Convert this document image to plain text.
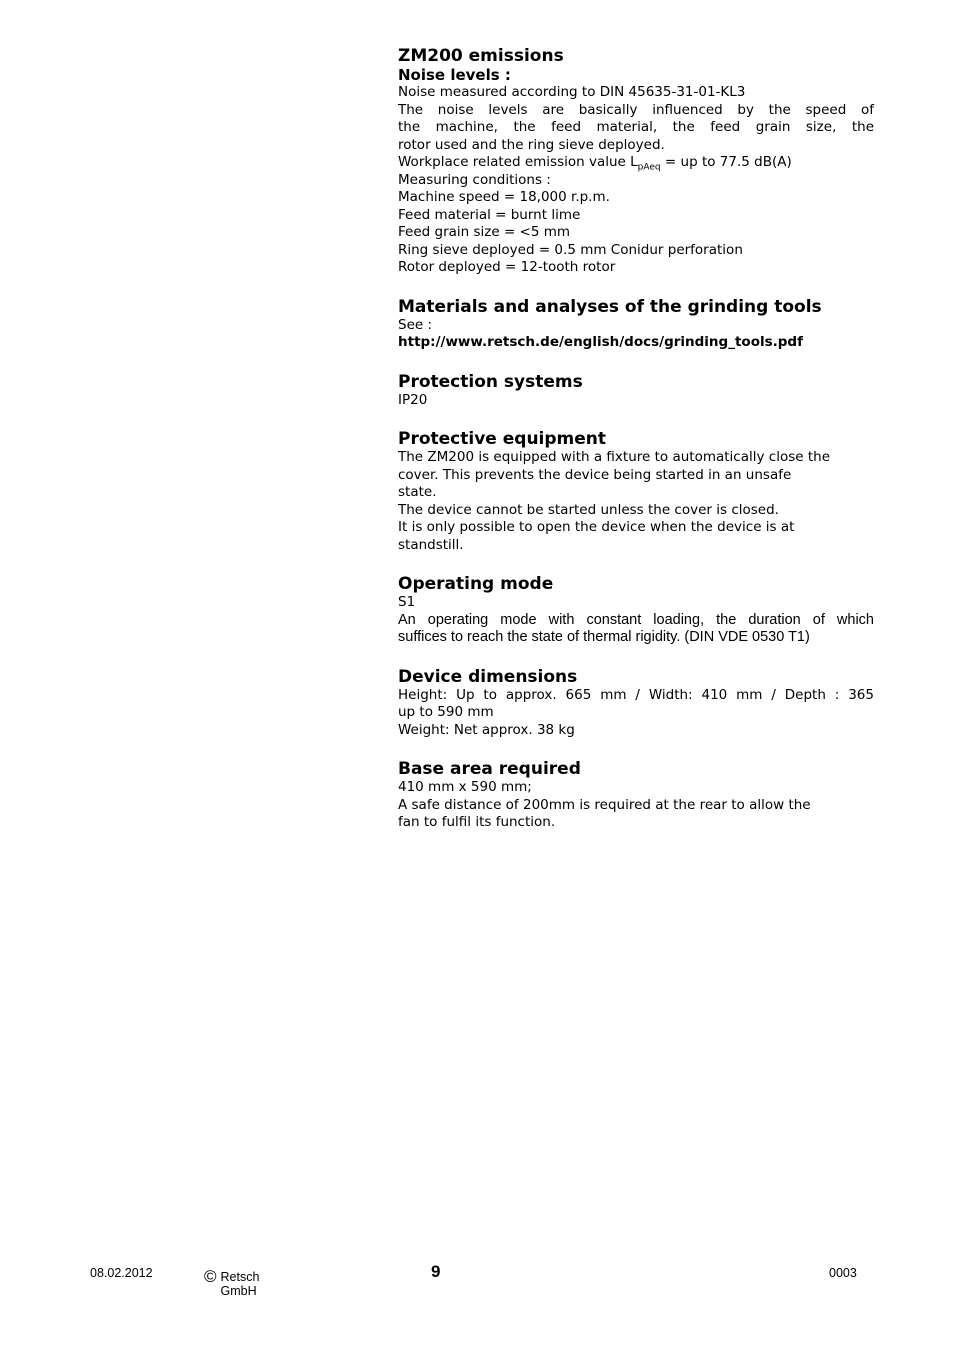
ZM200 emissions
Noise levels :
Noise measured according to DIN 45635-31-01-KL3
The noise levels are basically influenced by the speed of
the machine, the feed material, the feed grain size, the
rotor used and the ring sieve deployed.
Workplace related emission value $L_{pAeq}$ = up to 77.5 dB(A)
Measuring conditions :
Machine speed = 18,000 r.p.m.
Feed material = burnt lime
Feed grain size = <5 mm
Ring sieve deployed = 0.5 mm Conidur perforation
Rotor deployed = 12-tooth rotor
Materials and analyses of the grinding tools
See :
http://www.retsch.de/english/docs/grinding_tools.pdf
Protection systems
IP20
Protective equipment
The ZM200 is equipped with a fixture to automatically close the
cover. This prevents the device being started in an unsafe
state.
The device cannot be started unless the cover is closed.
It is only possible to open the device when the device is at
standstill.
Operating mode
S1
An operating mode with constant loading, the duration of which
suffices to reach the state of thermal rigidity. (DIN VDE 0530 T1)
Device dimensions
Height: Up to approx. 665 mm / Width: 410 mm / Depth : 365
up to 590 mm
Weight: Net approx. 38 kg
Base area required
410 mm x 590 mm;
A safe distance of 200mm is required at the rear to allow the
fan to fulfil its function.
08.02.2012	© Retsch GmbH
9	0003
